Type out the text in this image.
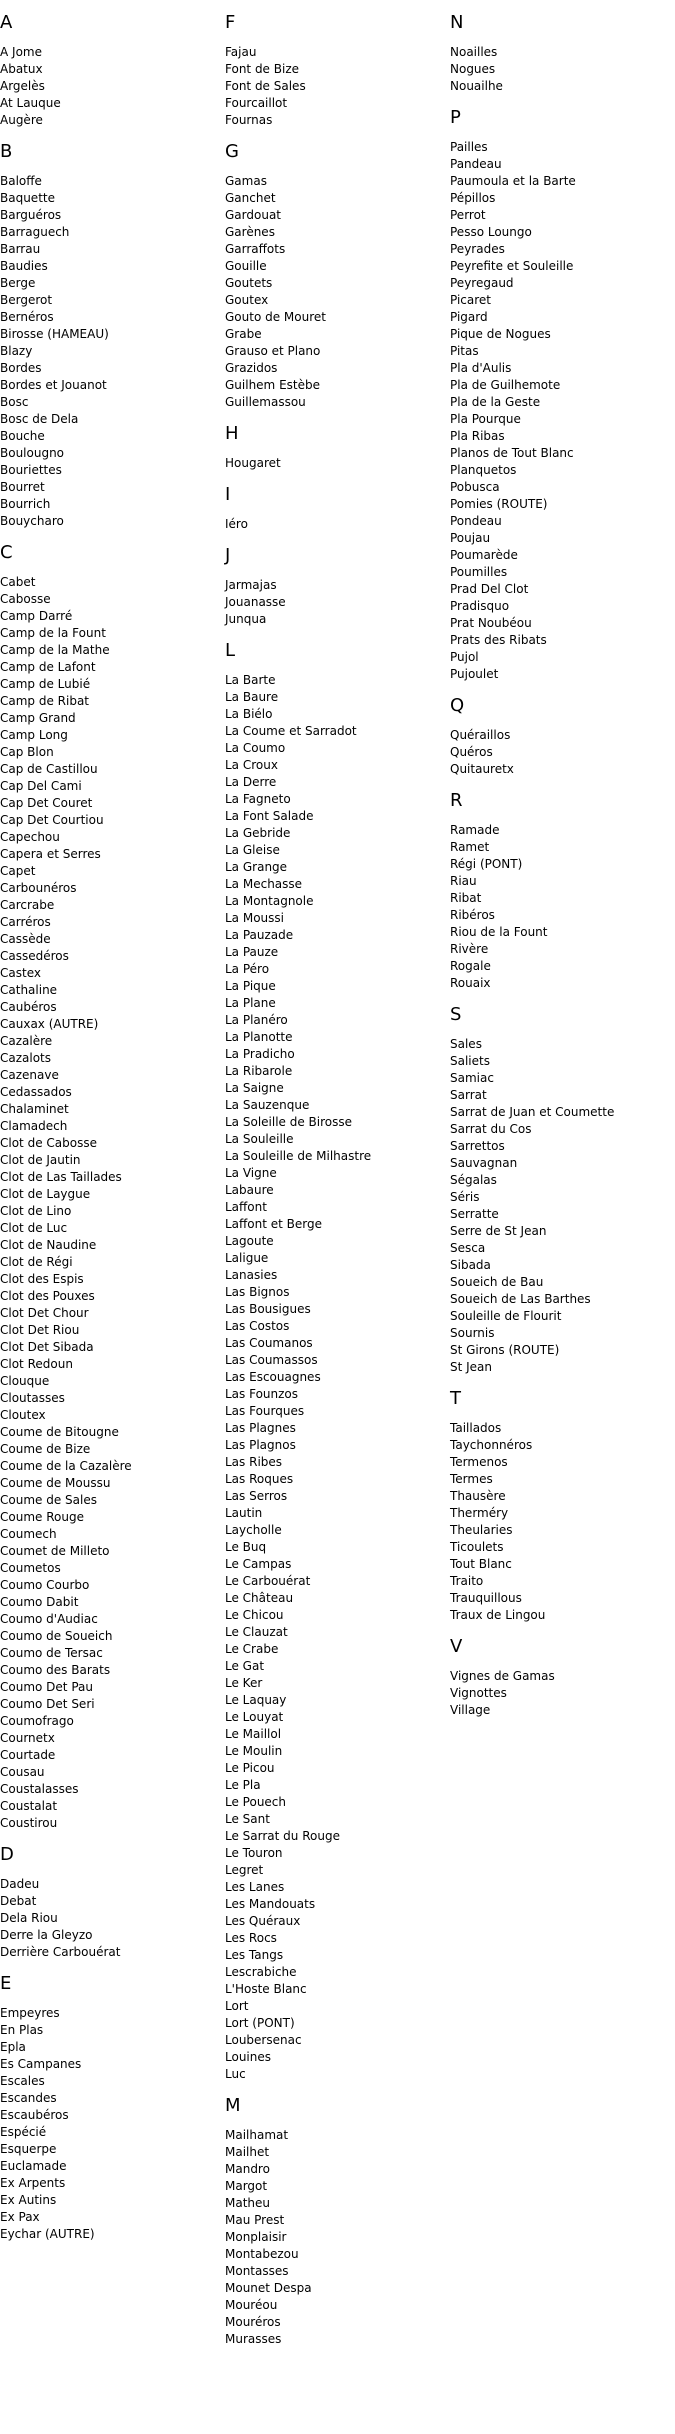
A
A Jome
Abatux
Argelès
At Lauque
Augère
B
Baloffe
Baquette
Barguéros
Barraguech
Barrau
Baudies
Berge
Bergerot
Bernéros
Birosse (HAMEAU)
Blazy
Bordes
Bordes et Jouanot
Bosc
Bosc de Dela
Bouche
Boulougno
Bouriettes
Bourret
Bourrich
Bouycharo
C
Cabet
Cabosse
Camp Darré
Camp de la Fount
Camp de la Mathe
Camp de Lafont
Camp de Lubié
Camp de Ribat
Camp Grand
Camp Long
Cap Blon
Cap de Castillou
Cap Del Cami
Cap Det Couret
Cap Det Courtiou
Capechou
Capera et Serres
Capet
Carbounéros
Carcrabe
Carréros
Cassède
Cassedéros
Castex
Cathaline
Caubéros
Cauxax (AUTRE)
Cazalère
Cazalots
Cazenave
Cedassados
Chalaminet
Clamadech
Clot de Cabosse
Clot de Jautin
Clot de Las Taillades
Clot de Laygue
Clot de Lino
Clot de Luc
Clot de Naudine
Clot de Régi
Clot des Espis
Clot des Pouxes
Clot Det Chour
Clot Det Riou
Clot Det Sibada
Clot Redoun
Clouque
Cloutasses
Cloutex
Coume de Bitougne
Coume de Bize
Coume de la Cazalère
Coume de Moussu
Coume de Sales
Coume Rouge
Coumech
Coumet de Milleto
Coumetos
Coumo Courbo
Coumo Dabit
Coumo d'Audiac
Coumo de Soueich
Coumo de Tersac
Coumo des Barats
Coumo Det Pau
Coumo Det Seri
Coumofrago
Cournetx
Courtade
Cousau
Coustalasses
Coustalat
Coustirou
D
Dadeu
Debat
Dela Riou
Derre la Gleyzo
Derrière Carbouérat
E
Empeyres
En Plas
Epla
Es Campanes
Escales
Escandes
Escaubéros
Espécié
Esquerpe
Euclamade
Ex Arpents
Ex Autins
Ex Pax
Eychar (AUTRE)
F
Fajau
Font de Bize
Font de Sales
Fourcaillot
Fournas
G
Gamas
Ganchet
Gardouat
Garènes
Garraffots
Gouille
Goutets
Goutex
Gouto de Mouret
Grabe
Grauso et Plano
Grazidos
Guilhem Estèbe
Guillemassou
H
Hougaret
I
Iéro
J
Jarmajas
Jouanasse
Junqua
L
La Barte
La Baure
La Biélo
La Coume et Sarradot
La Coumo
La Croux
La Derre
La Fagneto
La Font Salade
La Gebride
La Gleise
La Grange
La Mechasse
La Montagnole
La Moussi
La Pauzade
La Pauze
La Péro
La Pique
La Plane
La Planéro
La Planotte
La Pradicho
La Ribarole
La Saigne
La Sauzenque
La Soleille de Birosse
La Souleille
La Souleille de Milhastre
La Vigne
Labaure
Laffont
Laffont et Berge
Lagoute
Laligue
Lanasies
Las Bignos
Las Bousigues
Las Costos
Las Coumanos
Las Coumassos
Las Escouagnes
Las Founzos
Las Fourques
Las Plagnes
Las Plagnos
Las Ribes
Las Roques
Las Serros
Lautin
Laycholle
Le Buq
Le Campas
Le Carbouérat
Le Château
Le Chicou
Le Clauzat
Le Crabe
Le Gat
Le Ker
Le Laquay
Le Louyat
Le Maillol
Le Moulin
Le Picou
Le Pla
Le Pouech
Le Sant
Le Sarrat du Rouge
Le Touron
Legret
Les Lanes
Les Mandouats
Les Quéraux
Les Rocs
Les Tangs
Lescrabiche
L'Hoste Blanc
Lort
Lort (PONT)
Loubersenac
Louines
Luc
M
Mailhamat
Mailhet
Mandro
Margot
Matheu
Mau Prest
Monplaisir
Montabezou
Montasses
Mounet Despa
Mouréou
Mouréros
Murasses
N
Noailles
Nogues
Nouailhe
P
Pailles
Pandeau
Paumoula et la Barte
Pépillos
Perrot
Pesso Loungo
Peyrades
Peyrefite et Souleille
Peyregaud
Picaret
Pigard
Pique de Nogues
Pitas
Pla d'Aulis
Pla de Guilhemote
Pla de la Geste
Pla Pourque
Pla Ribas
Planos de Tout Blanc
Planquetos
Pobusca
Pomies (ROUTE)
Pondeau
Poujau
Poumarède
Poumilles
Prad Del Clot
Pradisquo
Prat Noubéou
Prats des Ribats
Pujol
Pujoulet
Q
Quéraillos
Quéros
Quitauretx
R
Ramade
Ramet
Régi (PONT)
Riau
Ribat
Ribéros
Riou de la Fount
Rivère
Rogale
Rouaix
S
Sales
Saliets
Samiac
Sarrat
Sarrat de Juan et Coumette
Sarrat du Cos
Sarrettos
Sauvagnan
Ségalas
Séris
Serratte
Serre de St Jean
Sesca
Sibada
Soueich de Bau
Soueich de Las Barthes
Souleille de Flourit
Sournis
St Girons (ROUTE)
St Jean
T
Taillados
Taychonnéros
Termenos
Termes
Thausère
Therméry
Theularies
Ticoulets
Tout Blanc
Traito
Trauquillous
Traux de Lingou
V
Vignes de Gamas
Vignottes
Village
